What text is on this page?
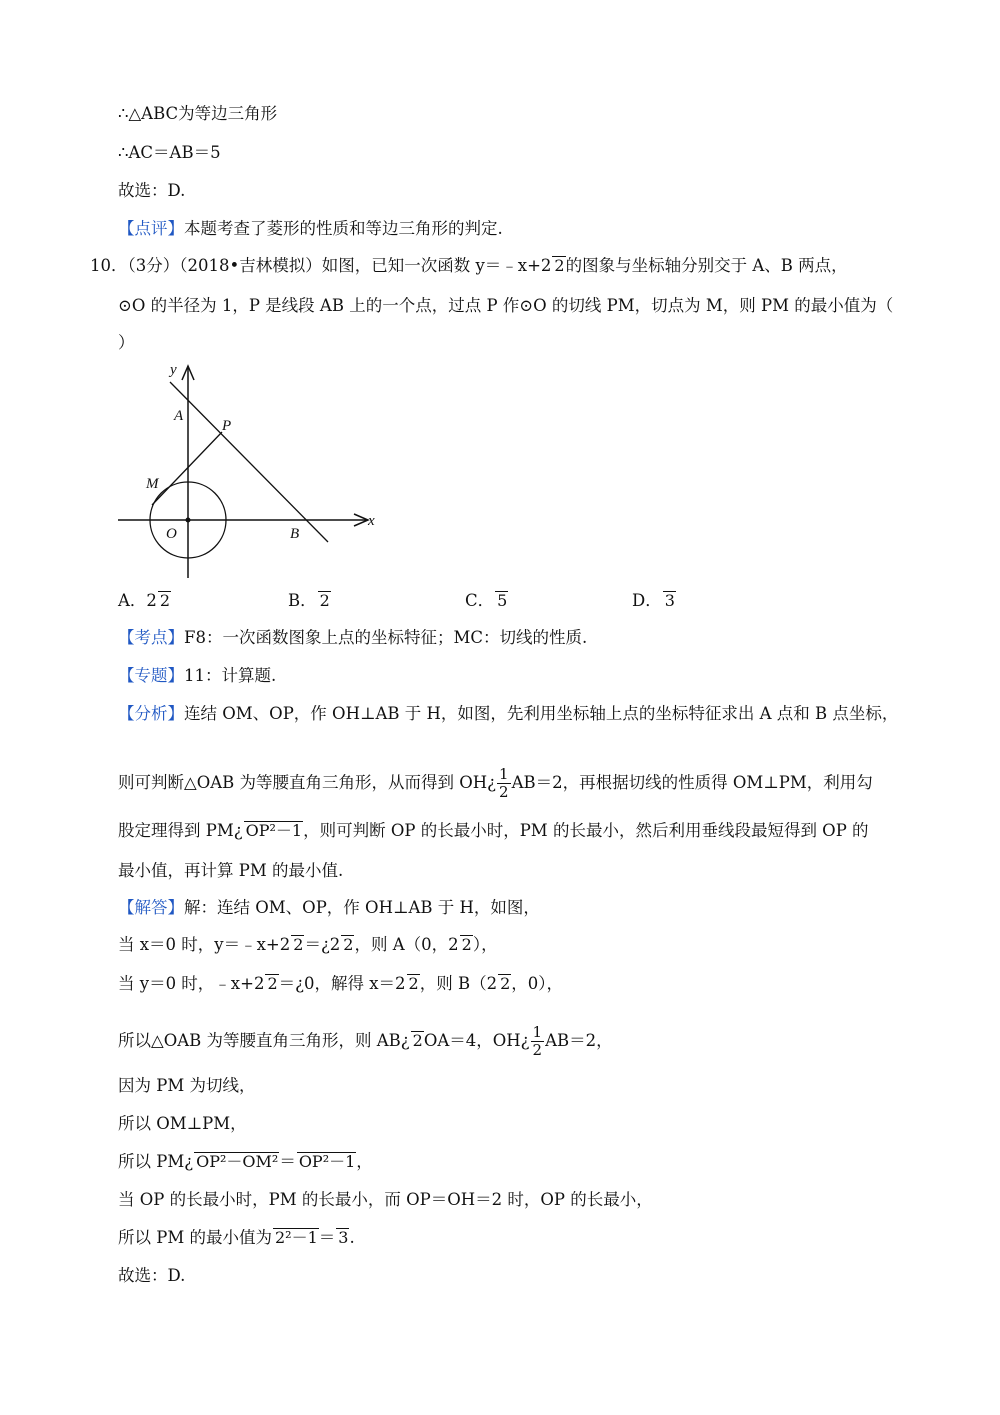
∴△ABC为等边三角形
∴AC＝AB＝5
故选：D.
【点评】本题考查了菱形的性质和等边三角形的判定.
10．（3分）（2018•吉林模拟）如图，已知一次函数 y＝﹣x+2 2的图象与坐标轴分别交于 A、B 两点，
⊙O 的半径为 1，P 是线段 AB 上的一个点，过点 P 作⊙O 的切线 PM，切点为 M，则 PM 的最小值为（
）
y
x
A
P
M
O	B
A．2 2	B． 2	C． 5	D． 3
【考点】F8：一次函数图象上点的坐标特征；MC：切线的性质.
【专题】11：计算题.
【分析】连结 OM、OP，作 OH⊥AB 于 H，如图，先利用坐标轴上点的坐标特征求出 A 点和 B 点坐标，
则可判断△OAB 为等腰直角三角形，从而得到 OH¿ $\frac{1}{2} AB=2$，再根据切线的性质得 OM⊥PM，利用勾
股定理得到 PM¿ OP²－1，则可判断 OP 的长最小时，PM 的长最小，然后利用垂线段最短得到 OP 的
最小值，再计算 PM 的最小值.
【解答】解：连结 OM、OP，作 OH⊥AB 于 H，如图，
当 x＝0 时，y＝﹣x+2 2＝¿2 2，则 A（0，2 2），
当 y＝0 时，﹣x+2 2＝¿0，解得 x＝2 2，则 B（2 2，0），
所以△OAB 为等腰直角三角形，则 AB¿ 2OA＝4，OH¿ $\frac{1}{2} AB=2$，
因为 PM 为切线，
所以 OM⊥PM，
所以 PM¿ OP²－OM²＝ OP²－1，
当 OP 的长最小时，PM 的长最小，而 OP＝OH＝2 时，OP 的长最小，
所以 PM 的最小值为 2²－1＝ 3.
故选：D.
